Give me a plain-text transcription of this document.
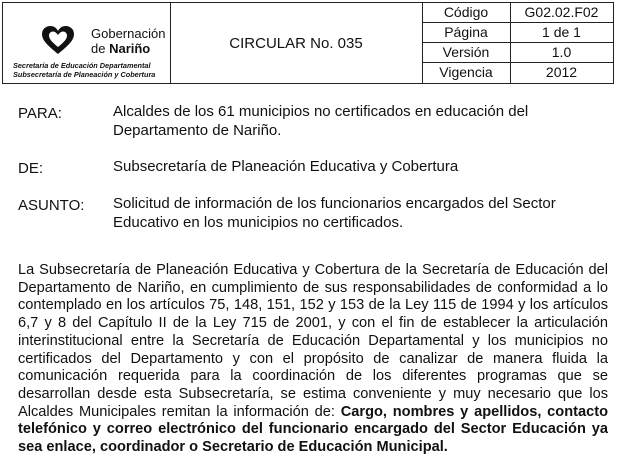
Gobernación
de Nariño
Secretaría de Educación Departamental
Subsecretaría de Planeación y Cobertura
CIRCULAR No. 035
Código	G02.02.F02
Página	1 de 1
Versión	1.0
Vigencia	2012
PARA:	Alcaldes de los 61 municipios no certificados en educación del Departamento de Nariño.
DE:	Subsecretaría de Planeación Educativa y Cobertura
ASUNTO: Solicitud de información de los funcionarios encargados del Sector Educativo en los municipios no certificados.
La Subsecretaría de Planeación Educativa y Cobertura de la Secretaría de Educación del Departamento de Nariño, en cumplimiento de sus responsabilidades de conformidad a lo contemplado en los artículos 75, 148, 151, 152 y 153 de la Ley 115 de 1994 y los artículos 6,7 y 8 del Capítulo II de la Ley 715 de 2001, y con el fin de establecer la articulación interinstitucional entre la Secretaría de Educación Departamental y los municipios no certificados del Departamento y con el propósito de canalizar de manera fluida la comunicación requerida para la coordinación de los diferentes programas que se desarrollan desde esta Subsecretaría, se estima conveniente y muy necesario que los Alcaldes Municipales remitan la información de: Cargo, nombres y apellidos, contacto telefónico y correo electrónico del funcionario encargado del Sector Educación ya sea enlace, coordinador o Secretario de Educación Municipal.
